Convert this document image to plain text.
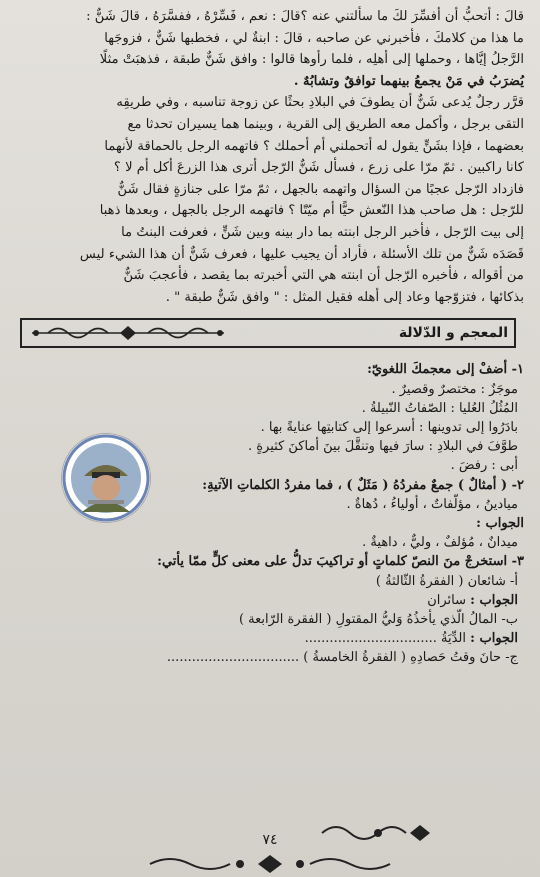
قالَ : أتحبُّ أن أفسِّرَ لكَ ما سألتني عنه ؟قالَ : نعم ، فَسِّرْهُ ، ففسَّرَهُ ، قالَ شَنٌّ :

ما هذا من كلامكَ ، فأخبرني عن صاحبه ، قالَ : ابنةٌ لي ، فخطبها شَنٌّ ، فزوجَها

الرَّجلُ إيَّاها ، وحملها إلى أهلِه ، فلما رأوها قالوا : وافق شَنٌّ طبقة ، فذهبَتْ مثلًا

يُضرَبُ في مَنْ يجمعُ بينهما توافقٌ وتشابُهٌ .

قرَّر رجلٌ يُدعى شَنٌّ أن يطوفَ في البلادِ بحثًا عن زوجة تناسبه ، وفي طريقِه

التقى برجل ، وأكمل معه الطريق إلى القرية ، وبينما هما يسيران تحدثا مع

بعضهما ، فإذا بشَنٍّ يقول له أتحملني أم أحملك ؟ فاتهمه الرجل بالحماقة لأنهما

كانا راكبين . ثمّ مرّا على زرع ، فسأل شَنٌّ الرّجل أترى هذا الزرعَ أكل أم لا ؟

فازداد الرّجل عجبًا من السؤال واتهمه بالجهل ، ثمّ مرّا على جنازةٍ فقال شَنٌّ

للرّجل : هل صاحب هذا النّعش حيًّا أم ميّتًا ؟ فاتهمه الرجل بالجهل ، وبعدها ذهبا

إلى بيت الرّجل ، فأخبر الرجل ابنته بما دار بينه وبين شَنٍّ ، فعرفت البنتُ ما

قَصَدَه شَنٌّ من تلك الأسئلة ، فأراد أن يجيب عليها ، فعرف شَنٌّ أن هذا الشيء ليس

من أقواله ، فأخبره الرّجل أن ابنته هي التي أخبرته بما يقصد ، فأعجبَ شَنٌّ

بذكائها ، فتزوّجها وعاد إلى أهله فقيل المثل : " وافق شَنٌّ طبقة " .

المعجم و الدّلالة

١- أضفْ إلى معجمكَ اللغويّ:

موجَزٌ : مختصرٌ وقصيرٌ .

المُثُلُ العُليا : الصّفاتُ النّبيلةُ .

بادَرُوا إلى تدوينها : أسرعوا إلى كتابتِها عنايةً بها .

طوَّفَ في البلادِ : سارَ فيها وتنقَّلَ بينَ أماكنَ كثيرةٍ .

أبى : رفضَ .

٢- ( أمثالٌ ) جمعٌ مفردُهُ ( مَثَلٌ ) ، فما مفردُ الكلماتِ الآتيةِ:

ميادينُ ، مؤلّفاتٌ ، أولياءُ ، دُهاةٌ .

الجواب :

ميدانٌ ، مُؤلفٌ ، وليٌّ ، داهيةٌ .

٣- استخرجْ منَ النصّ كلماتٍ أو تراكيبَ تدلُّ على معنى كلٍّ ممّا يأتي:

أ- شائعان ( الفقرةُ الثّالثةُ )

الجواب : سائران

ب- المالُ الّذي يأخذُهُ وَليُّ المقتولِ ( الفقرة الرّابعة )

الجواب : الدِّيَةُ ................................

ج- حانَ وقتُ حَصادِهِ ( الفقرةُ الخامسةُ ) ................................

٧٤
